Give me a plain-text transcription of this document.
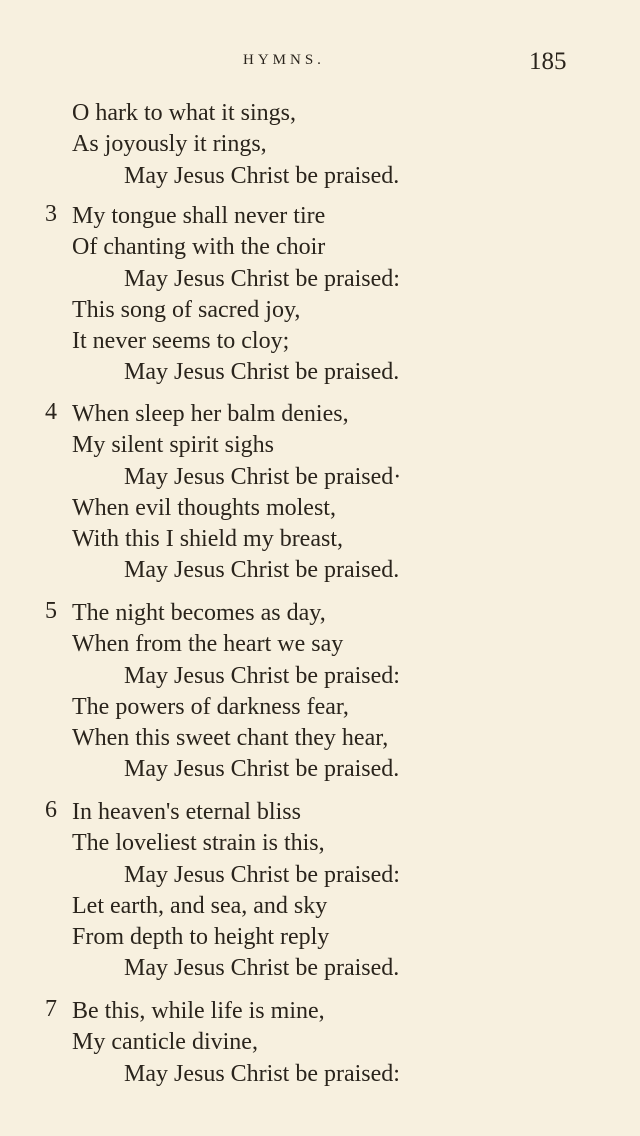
HYMNS.	185
O hark to what it sings,
As joyously it rings,
May Jesus Christ be praised.
3 My tongue shall never tire
Of chanting with the choir
May Jesus Christ be praised:
This song of sacred joy,
It never seems to cloy;
May Jesus Christ be praised.
4 When sleep her balm denies,
My silent spirit sighs
May Jesus Christ be praised·
When evil thoughts molest,
With this I shield my breast,
May Jesus Christ be praised.
5 The night becomes as day,
When from the heart we say
May Jesus Christ be praised:
The powers of darkness fear,
When this sweet chant they hear,
May Jesus Christ be praised.
6 In heaven's eternal bliss
The loveliest strain is this,
May Jesus Christ be praised:
Let earth, and sea, and sky
From depth to height reply
May Jesus Christ be praised.
7 Be this, while life is mine,
My canticle divine,
May Jesus Christ be praised:
